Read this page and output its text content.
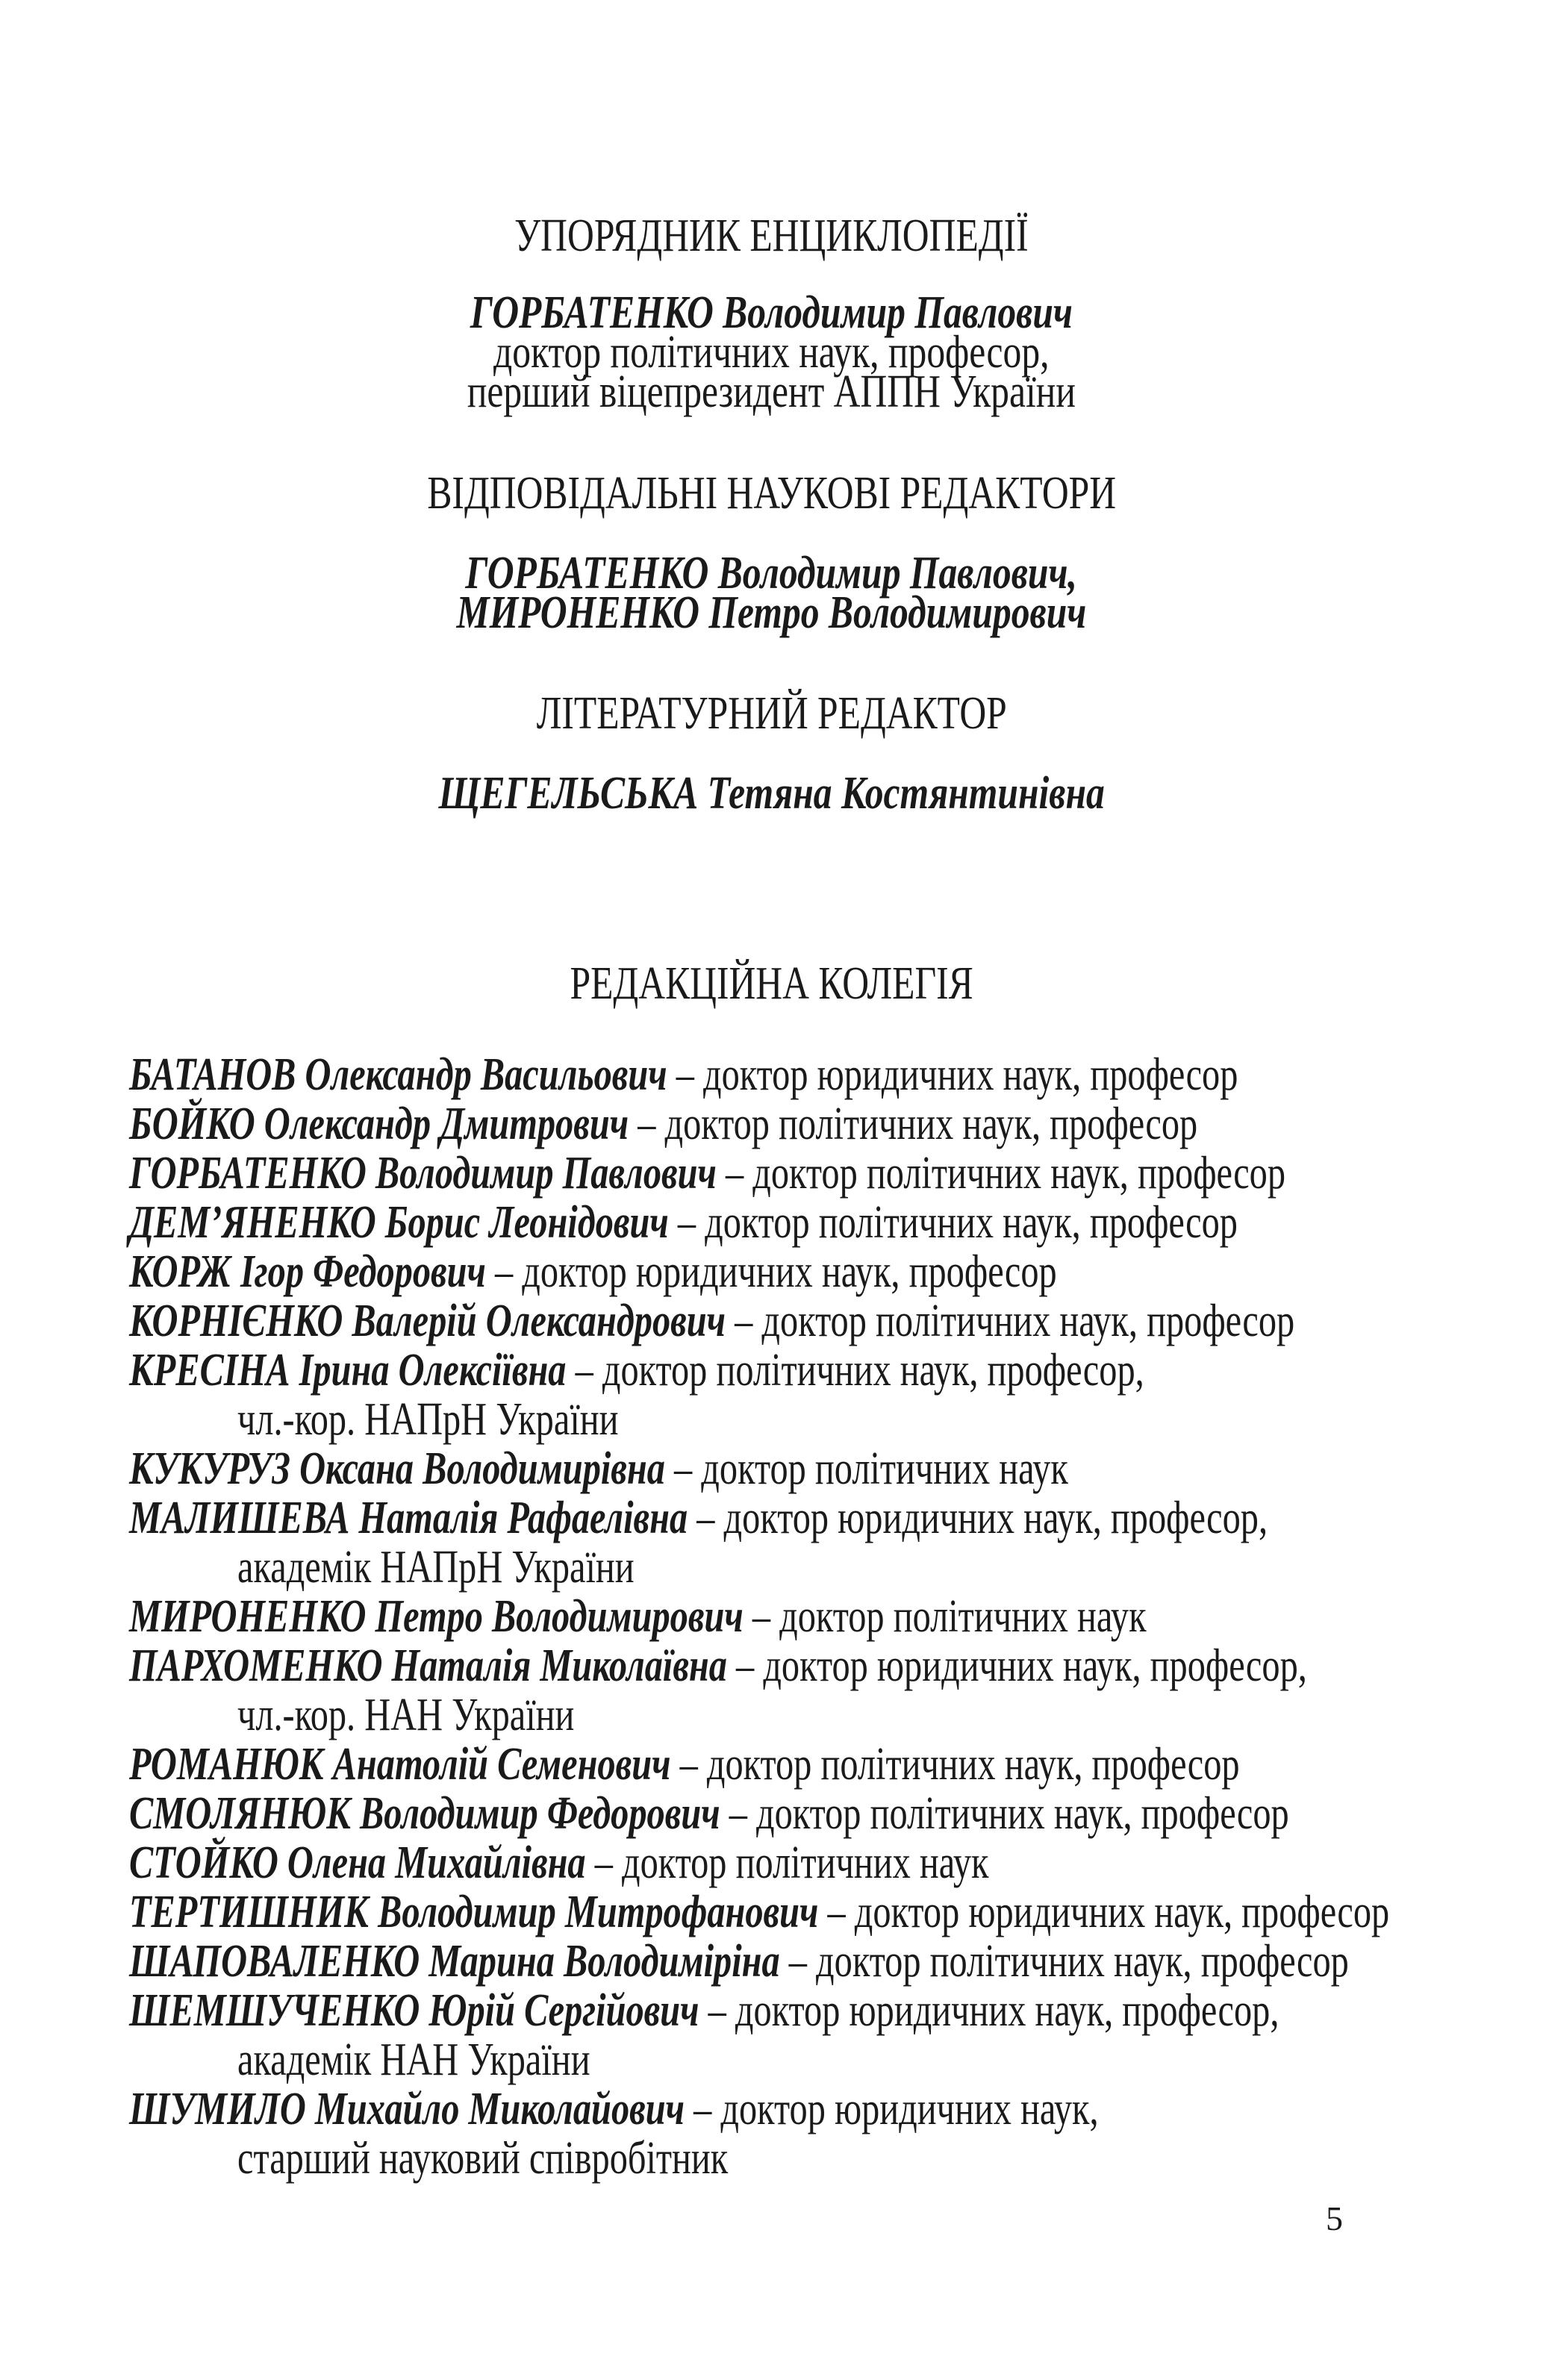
УПОРЯДНИК ЕНЦИКЛОПЕДІЇ
ГОРБАТЕНКО Володимир Павлович
доктор політичних наук, професор,
перший віцепрезидент АППН України
ВІДПОВІДАЛЬНІ НАУКОВІ РЕДАКТОРИ
ГОРБАТЕНКО Володимир Павлович,
МИРОНЕНКО Петро Володимирович
ЛІТЕРАТУРНИЙ РЕДАКТОР
ЩЕГЕЛЬСЬКА Тетяна Костянтинівна
РЕДАКЦІЙНА КОЛЕГІЯ
БАТАНОВ Олександр Васильович – доктор юридичних наук, професор
БОЙКО Олександр Дмитрович – доктор політичних наук, професор
ГОРБАТЕНКО Володимир Павлович – доктор політичних наук, професор
ДЕМ’ЯНЕНКО Борис Леонідович – доктор політичних наук, професор
КОРЖ Ігор Федорович – доктор юридичних наук, професор
КОРНІЄНКО Валерій Олександрович – доктор політичних наук, професор
КРЕСІНА Ірина Олексіївна – доктор політичних наук, професор,
чл.-кор. НАПрН України
КУКУРУЗ Оксана Володимирівна – доктор політичних наук
МАЛИШЕВА Наталія Рафаелівна – доктор юридичних наук, професор,
академік НАПрН України
МИРОНЕНКО Петро Володимирович – доктор політичних наук
ПАРХОМЕНКО Наталія Миколаївна – доктор юридичних наук, професор,
чл.-кор. НАН України
РОМАНЮК Анатолій Семенович – доктор політичних наук, професор
СМОЛЯНЮК Володимир Федорович – доктор політичних наук, професор
СТОЙКО Олена Михайлівна – доктор політичних наук
ТЕРТИШНИК Володимир Митрофанович – доктор юридичних наук, професор
ШАПОВАЛЕНКО Марина Володиміріна – доктор політичних наук, професор
ШЕМШУЧЕНКО Юрій Сергійович – доктор юридичних наук, професор,
академік НАН України
ШУМИЛО Михайло Миколайович – доктор юридичних наук,
старший науковий співробітник
5
